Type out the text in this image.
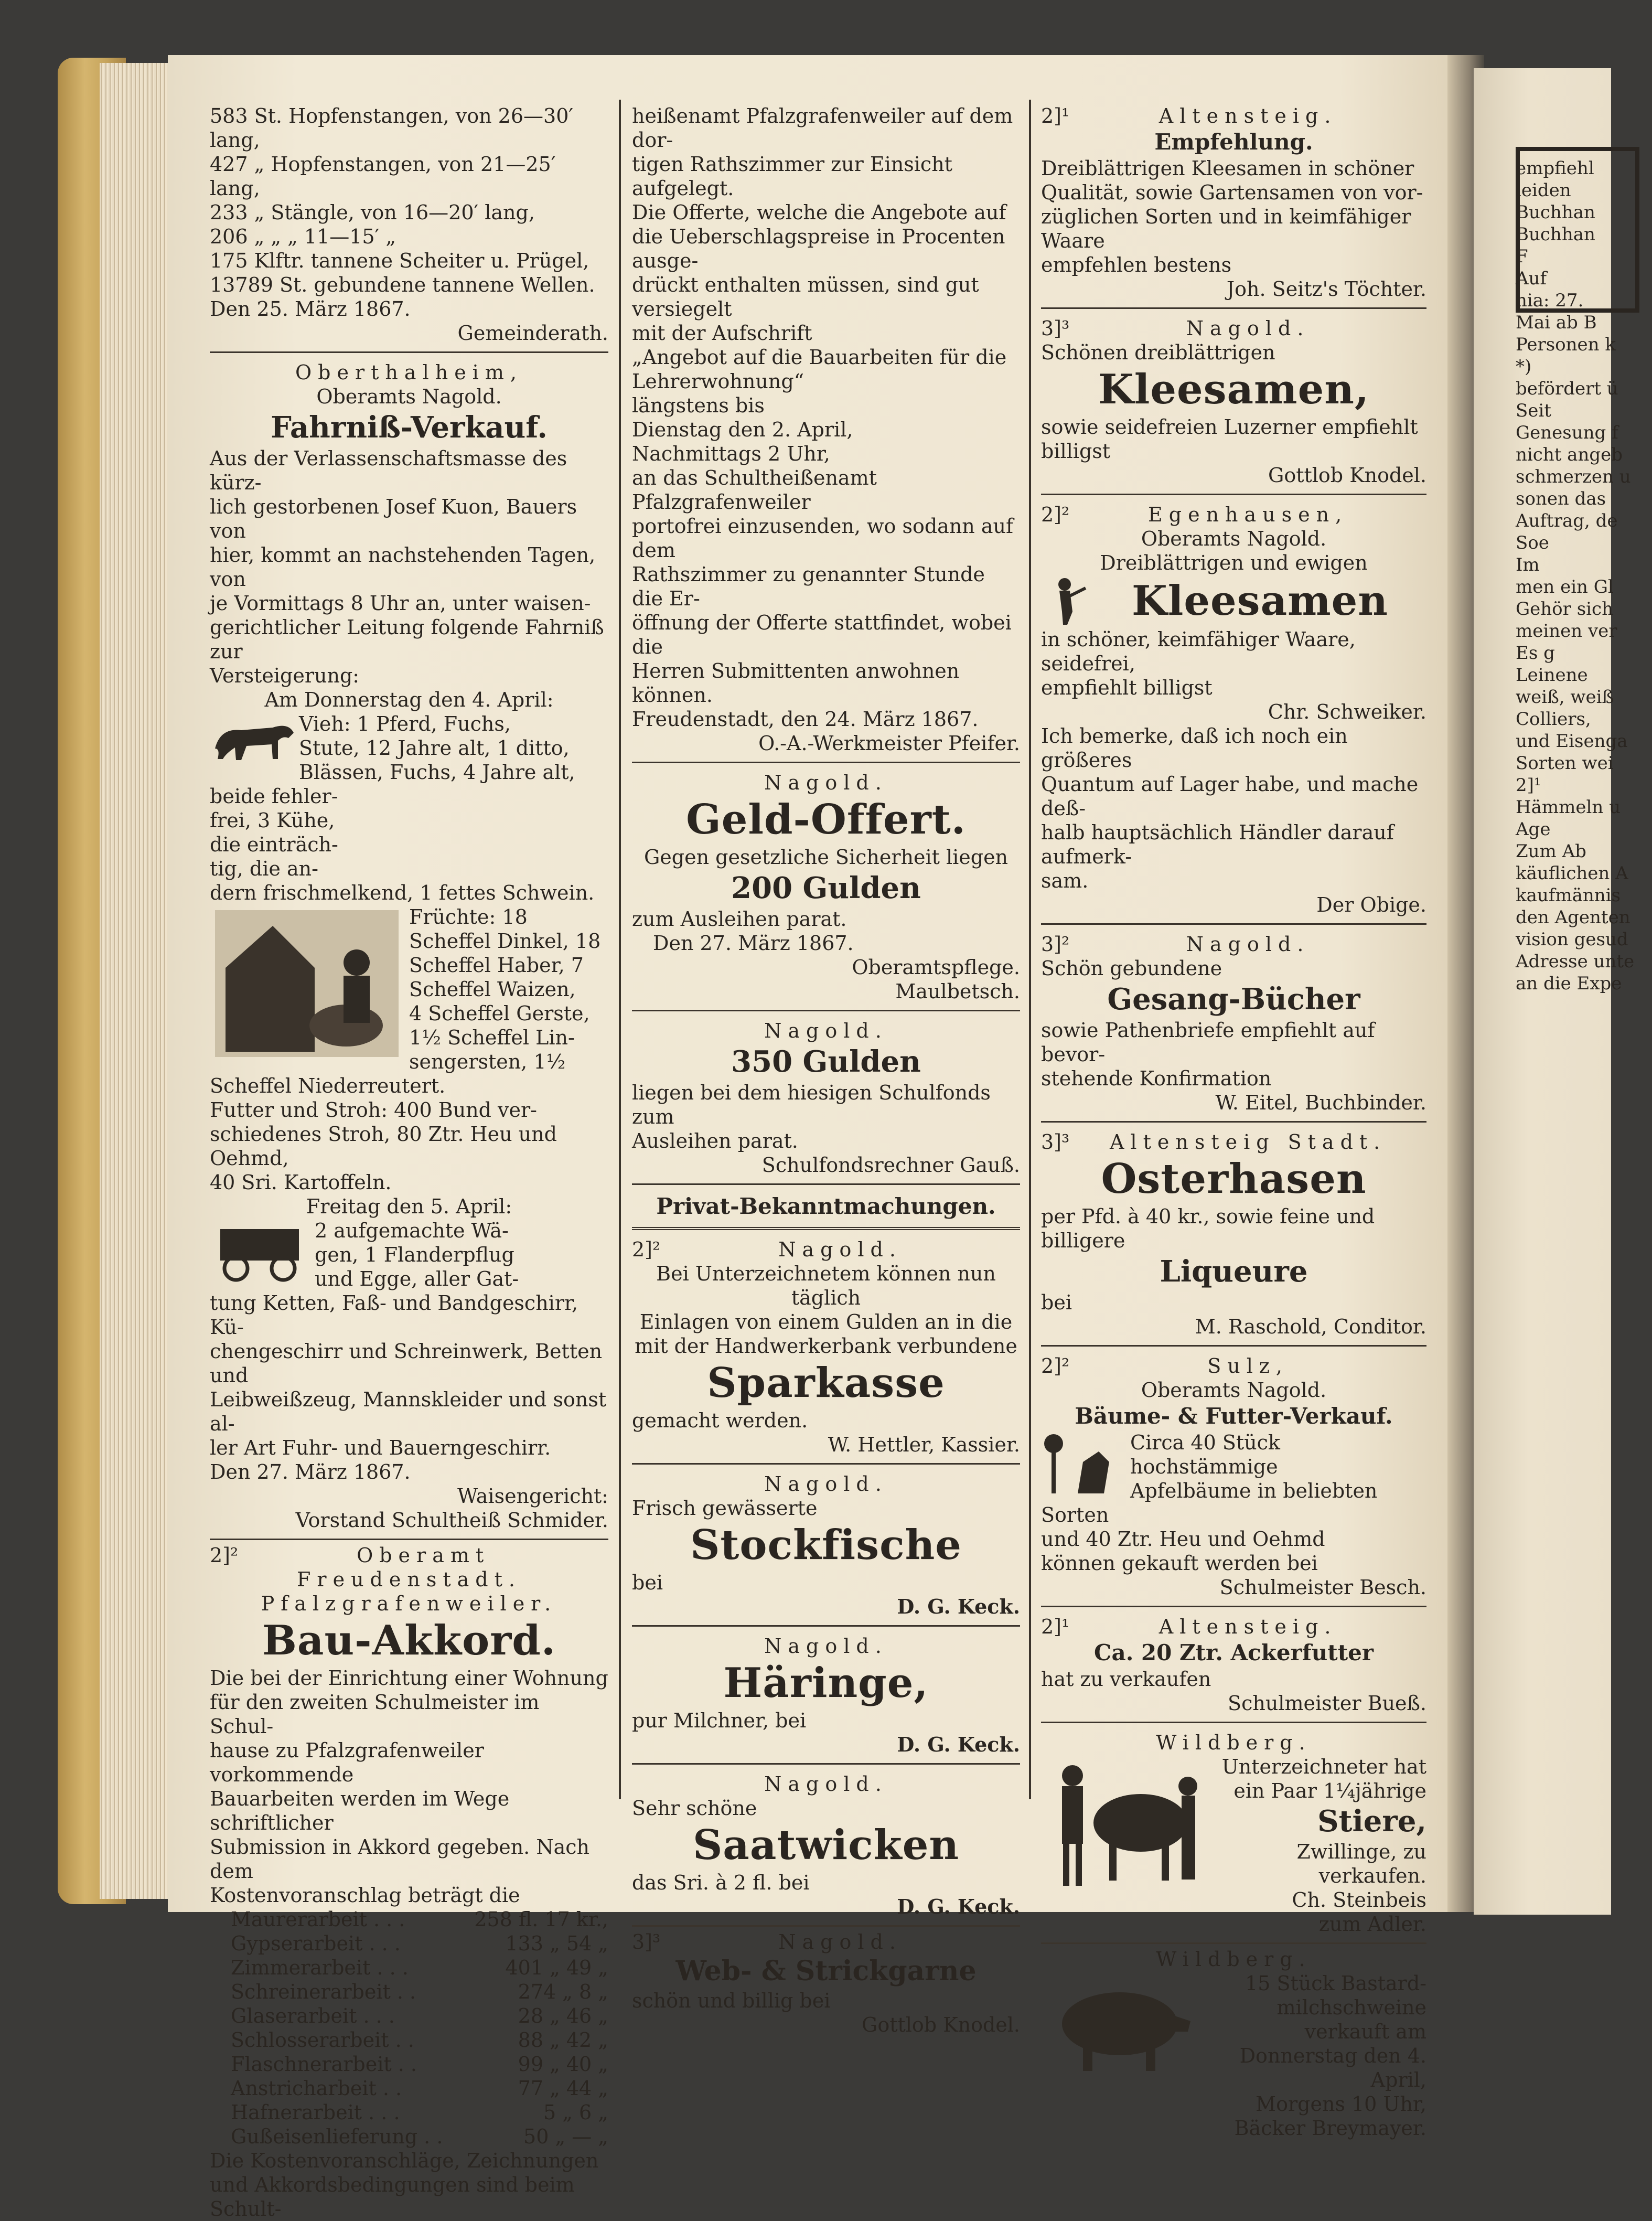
583 St. Hopfenstangen, von 26—30′
lang,
427 „ Hopfenstangen, von 21—25′
lang,
233 „ Stängle, von 16—20′ lang,
206 „ „ „ 11—15′ „
175 Klftr. tannene Scheiter u. Prügel,
13789 St. gebundene tannene Wellen.
Den 25. März 1867.
Gemeinderath.
Oberthalheim,
Oberamts Nagold.
Fahrniß-Verkauf.
Aus der Verlassenschaftsmasse des kürz-
lich gestorbenen Josef Kuon, Bauers von
hier, kommt an nachstehenden Tagen, von
je Vormittags 8 Uhr an, unter waisen-
gerichtlicher Leitung folgende Fahrniß zur
Versteigerung:
Am Donnerstag den 4. April:
Vieh: 1 Pferd, Fuchs,
Stute, 12 Jahre alt, 1 ditto,
Blässen, Fuchs, 4 Jahre alt,
beide fehler-
frei, 3 Kühe,
die einträch-
tig, die an-
dern frischmelkend, 1 fettes Schwein.
Früchte: 18
Scheffel Dinkel, 18
Scheffel Haber, 7
Scheffel Waizen,
4 Scheffel Gerste,
1½ Scheffel Lin-
sengersten, 1½
Scheffel Niederreutert.
Futter und Stroh: 400 Bund ver-
schiedenes Stroh, 80 Ztr. Heu und Oehmd,
40 Sri. Kartoffeln.
Freitag den 5. April:
2 aufgemachte Wä-
gen, 1 Flanderpflug
und Egge, aller Gat-
tung Ketten, Faß- und Bandgeschirr, Kü-
chengeschirr und Schreinwerk, Betten und
Leibweißzeug, Mannskleider und sonst al-
ler Art Fuhr- und Bauerngeschirr.
Den 27. März 1867.
Waisengericht:
Vorstand Schultheiß Schmider.
2]²	Oberamt Freudenstadt.
Pfalzgrafenweiler.
Bau-Akkord.
Die bei der Einrichtung einer Wohnung
für den zweiten Schulmeister im Schul-
hause zu Pfalzgrafenweiler vorkommende
Bauarbeiten werden im Wege schriftlicher
Submission in Akkord gegeben. Nach dem
Kostenvoranschlag beträgt die
Maurerarbeit . . .	258 fl. 17 kr.,
Gypserarbeit . . .	133 „ 54 „
Zimmerarbeit . . .	401 „ 49 „
Schreinerarbeit . .	274 „ 8 „
Glaserarbeit . . .	28 „ 46 „
Schlosserarbeit . .	88 „ 42 „
Flaschnerarbeit . .	99 „ 40 „
Anstricharbeit . .	77 „ 44 „
Hafnerarbeit . . .	5 „ 6 „
Gußeisenlieferung . .	50 „ — „
Die Kostenvoranschläge, Zeichnungen
und Akkordsbedingungen sind beim Schult-
heißenamt Pfalzgrafenweiler auf dem dor-
tigen Rathszimmer zur Einsicht aufgelegt.
Die Offerte, welche die Angebote auf
die Ueberschlagspreise in Procenten ausge-
drückt enthalten müssen, sind gut versiegelt
mit der Aufschrift
„Angebot auf die Bauarbeiten für die
Lehrerwohnung“
längstens bis
Dienstag den 2. April,
Nachmittags 2 Uhr,
an das Schultheißenamt Pfalzgrafenweiler
portofrei einzusenden, wo sodann auf dem
Rathszimmer zu genannter Stunde die Er-
öffnung der Offerte stattfindet, wobei die
Herren Submittenten anwohnen können.
Freudenstadt, den 24. März 1867.
O.-A.-Werkmeister Pfeifer.
Nagold.
Geld-Offert.
Gegen gesetzliche Sicherheit liegen
200 Gulden
zum Ausleihen parat.
Den 27. März 1867.
Oberamtspflege.
Maulbetsch.
Nagold.
350 Gulden
liegen bei dem hiesigen Schulfonds zum
Ausleihen parat.
Schulfondsrechner Gauß.
Privat-Bekanntmachungen.
2]²	Nagold.
Bei Unterzeichnetem können nun täglich
Einlagen von einem Gulden an in die
mit der Handwerkerbank verbundene
Sparkasse
gemacht werden.
W. Hettler, Kassier.
Nagold.
Frisch gewässerte
Stockfische
bei
D. G. Keck.
Nagold.
Häringe,
pur Milchner, bei
D. G. Keck.
Nagold.
Sehr schöne
Saatwicken
das Sri. à 2 fl. bei
D. G. Keck.
3]³	Nagold.
Web- & Strickgarne
schön und billig bei
Gottlob Knodel.
2]¹	Altensteig.
Empfehlung.
Dreiblättrigen Kleesamen in schöner
Qualität, sowie Gartensamen von vor-
züglichen Sorten und in keimfähiger Waare
empfehlen bestens
Joh. Seitz's Töchter.
3]³	Nagold.
Schönen dreiblättrigen
Kleesamen,
sowie seidefreien Luzerner empfiehlt
billigst
Gottlob Knodel.
2]²	Egenhausen,
Oberamts Nagold.
Dreiblättrigen und ewigen
Kleesamen
in schöner, keimfähiger Waare, seidefrei,
empfiehlt billigst
Chr. Schweiker.
Ich bemerke, daß ich noch ein größeres
Quantum auf Lager habe, und mache deß-
halb hauptsächlich Händler darauf aufmerk-
sam.
Der Obige.
3]²	Nagold.
Schön gebundene
Gesang-Bücher
sowie Pathenbriefe empfiehlt auf bevor-
stehende Konfirmation
W. Eitel, Buchbinder.
3]³ Altensteig Stadt.
Osterhasen
per Pfd. à 40 kr., sowie feine und billigere
Liqueure
bei
M. Raschold, Conditor.
2]²	Sulz,
Oberamts Nagold.
Bäume- & Futter-Verkauf.
Circa 40 Stück hochstämmige
Apfelbäume in beliebten Sorten
und 40 Ztr. Heu und Oehmd
können gekauft werden bei
Schulmeister Besch.
2]¹	Altensteig.
Ca. 20 Ztr. Ackerfutter
hat zu verkaufen
Schulmeister Bueß.
Wildberg.
Unterzeichneter hat
ein Paar 1¼jährige
Stiere,
Zwillinge, zu verkaufen.
Ch. Steinbeis
zum Adler.
Wildberg.
15 Stück Bastard-
milchschweine verkauft am
Donnerstag den 4. April,
Morgens 10 Uhr,
Bäcker Breymayer.
empfiehl
leiden
Buchhan
Buchhan
F
Auf
nia: 27.
Mai ab B
Personen k
*)
befördert ü
Seit
Genesung f
nicht angeb
schmerzen u
sonen das
Auftrag, de
Soe
Im
men ein Gl
Gehör sich
meinen ver
Es g
Leinene
weiß, weiß
Colliers,
und Eisenga
Sorten wei
2]¹
Hämmeln u
Age
Zum Ab
käuflichen A
kaufmännis
den Agenten
vision gesud
Adresse unte
an die Expe
